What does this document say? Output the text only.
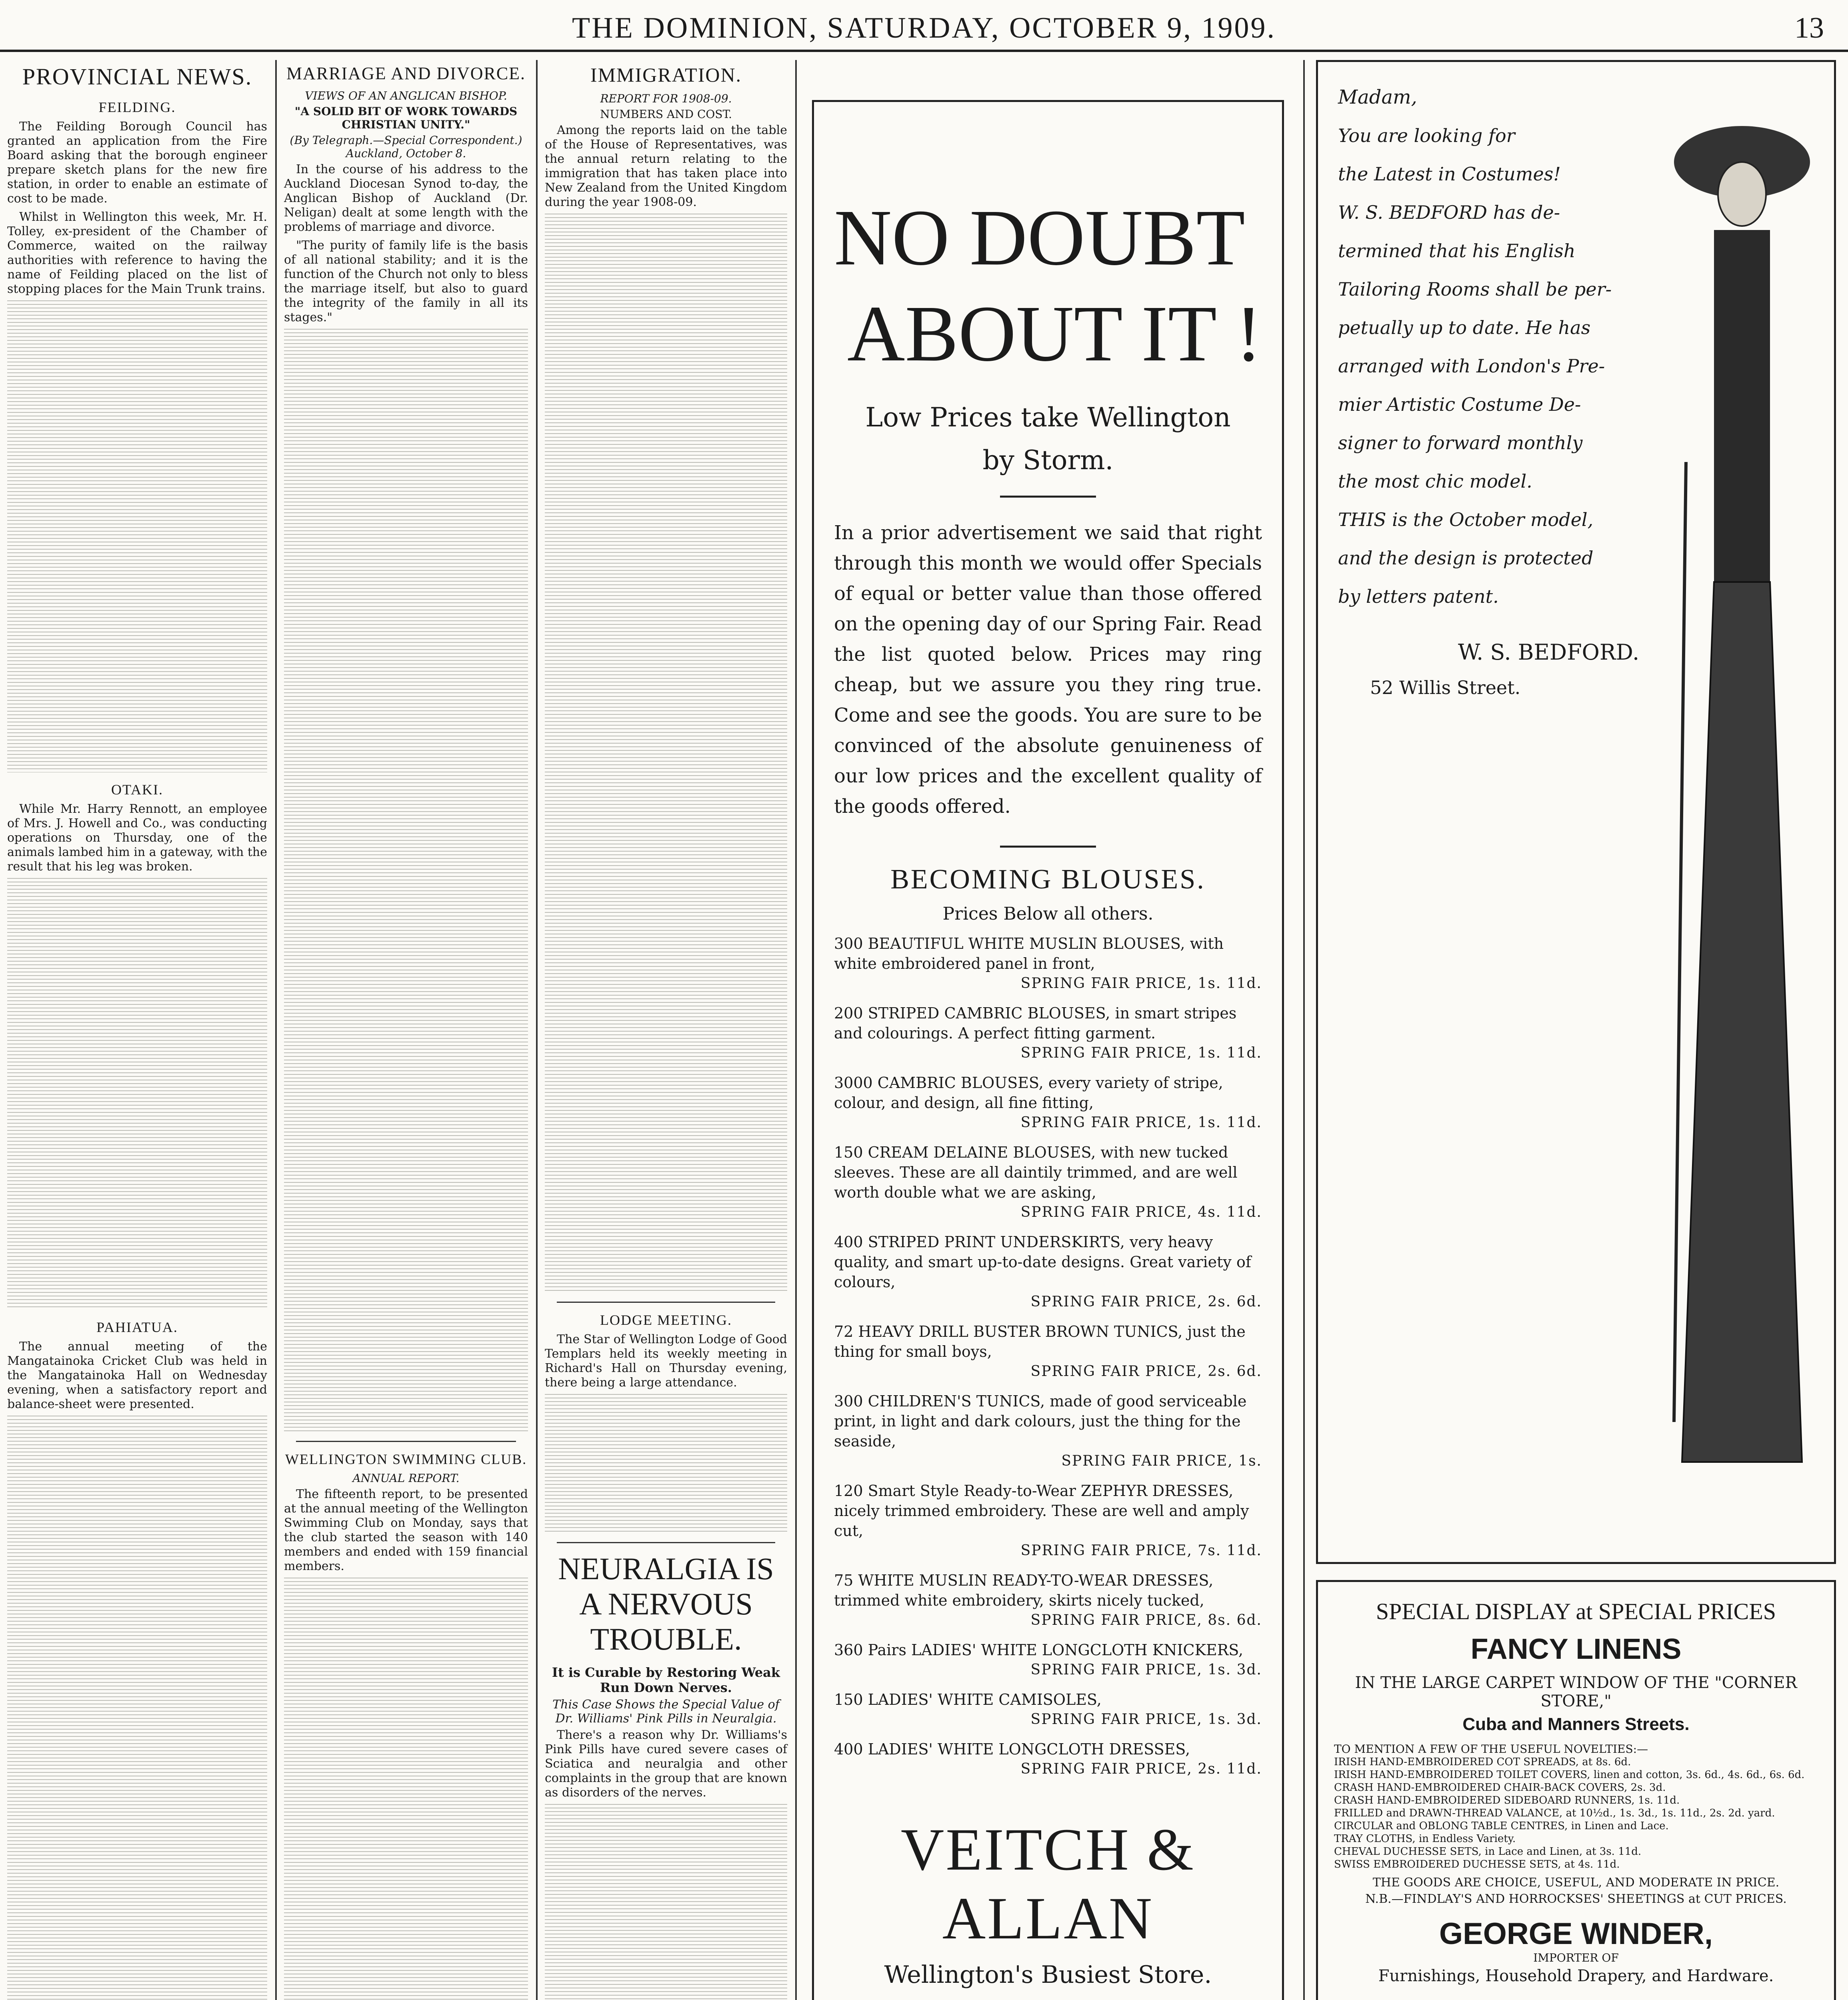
THE DOMINION, SATURDAY, OCTOBER 9, 1909.	13
PROVINCIAL NEWS.
FEILDING.

The Feilding Borough Council has granted an application from the Fire Board asking that the borough engineer prepare sketch plans for the new fire station, in order to enable an estimate of cost to be made.

Whilst in Wellington this week, Mr. H. Tolley, ex-president of the Chamber of Commerce, waited on the railway authorities with reference to having the name of Feilding placed on the list of stopping places for the Main Trunk trains.

OTAKI.

While Mr. Harry Rennott, an employee of Mrs. J. Howell and Co., was conducting operations on Thursday, one of the animals lambed him in a gateway, with the result that his leg was broken.

PAHIATUA.

The annual meeting of the Mangatainoka Cricket Club was held in the Mangatainoka Hall on Wednesday evening, when a satisfactory report and balance-sheet were presented.

MARRIAGE AND DIVORCE.
VIEWS OF AN ANGLICAN BISHOP.
"A SOLID BIT OF WORK TOWARDS CHRISTIAN UNITY."
(By Telegraph.—Special Correspondent.) Auckland, October 8.

In the course of his address to the Auckland Diocesan Synod to-day, the Anglican Bishop of Auckland (Dr. Neligan) dealt at some length with the problems of marriage and divorce.

"The purity of family life is the basis of all national stability; and it is the function of the Church not only to bless the marriage itself, but also to guard the integrity of the family in all its stages."

WELLINGTON SWIMMING CLUB.
ANNUAL REPORT.

The fifteenth report, to be presented at the annual meeting of the Wellington Swimming Club on Monday, says that the club started the season with 140 members and ended with 159 financial members.

IMMIGRATION.
REPORT FOR 1908-09.
NUMBERS AND COST.

Among the reports laid on the table of the House of Representatives, was the annual return relating to the immigration that has taken place into New Zealand from the United Kingdom during the year 1908-09.

LODGE MEETING.

The Star of Wellington Lodge of Good Templars held its weekly meeting in Richard's Hall on Thursday evening, there being a large attendance.

NEURALGIA IS A NERVOUS TROUBLE.
It is Curable by Restoring Weak Run Down Nerves.
This Case Shows the Special Value of Dr. Williams' Pink Pills in Neuralgia.

There's a reason why Dr. Williams's Pink Pills have cured severe cases of Sciatica and neuralgia and other complaints in the group that are known as disorders of the nerves.

NO DOUBT
ABOUT IT !
Low Prices take Wellington
by Storm.
In a prior advertisement we said that right through this month we would offer Specials of equal or better value than those offered on the opening day of our Spring Fair. Read the list quoted below. Prices may ring cheap, but we assure you they ring true. Come and see the goods. You are sure to be convinced of the absolute genuineness of our low prices and the excellent quality of the goods offered.
BECOMING BLOUSES.
Prices Below all others.
300 BEAUTIFUL WHITE MUSLIN BLOUSES, with white embroidered panel in front,
SPRING FAIR PRICE, 1s. 11d.
200 STRIPED CAMBRIC BLOUSES, in smart stripes and colourings. A perfect fitting garment.
SPRING FAIR PRICE, 1s. 11d.
3000 CAMBRIC BLOUSES, every variety of stripe, colour, and design, all fine fitting,
SPRING FAIR PRICE, 1s. 11d.
150 CREAM DELAINE BLOUSES, with new tucked sleeves. These are all daintily trimmed, and are well worth double what we are asking,
SPRING FAIR PRICE, 4s. 11d.
400 STRIPED PRINT UNDERSKIRTS, very heavy quality, and smart up-to-date designs. Great variety of colours,
SPRING FAIR PRICE, 2s. 6d.
72 HEAVY DRILL BUSTER BROWN TUNICS, just the thing for small boys,
SPRING FAIR PRICE, 2s. 6d.
300 CHILDREN'S TUNICS, made of good serviceable print, in light and dark colours, just the thing for the seaside,
SPRING FAIR PRICE, 1s.
120 Smart Style Ready-to-Wear ZEPHYR DRESSES, nicely trimmed embroidery. These are well and amply cut,
SPRING FAIR PRICE, 7s. 11d.
75 WHITE MUSLIN READY-TO-WEAR DRESSES, trimmed white embroidery, skirts nicely tucked,
SPRING FAIR PRICE, 8s. 6d.
360 Pairs LADIES' WHITE LONGCLOTH KNICKERS,
SPRING FAIR PRICE, 1s. 3d.
150 LADIES' WHITE CAMISOLES,
SPRING FAIR PRICE, 1s. 3d.
400 LADIES' WHITE LONGCLOTH DRESSES,
SPRING FAIR PRICE, 2s. 11d.
VEITCH & ALLAN
Wellington's Busiest Store.
Madam,
You are looking for
the Latest in Costumes!
W. S. BEDFORD has de-
termined that his English
Tailoring Rooms shall be per-
petually up to date. He has
arranged with London's Pre-
mier Artistic Costume De-
signer to forward monthly
the most chic model.
THIS is the October model,
and the design is protected
by letters patent.
W. S. BEDFORD.
52 Willis Street.
SPECIAL DISPLAY at SPECIAL PRICES
FANCY LINENS
IN THE LARGE CARPET WINDOW OF THE "CORNER STORE,"
Cuba and Manners Streets.
TO MENTION A FEW OF THE USEFUL NOVELTIES:—
IRISH HAND-EMBROIDERED COT SPREADS, at 8s. 6d.
IRISH HAND-EMBROIDERED TOILET COVERS, linen and cotton, 3s. 6d., 4s. 6d., 6s. 6d.
CRASH HAND-EMBROIDERED CHAIR-BACK COVERS, 2s. 3d.
CRASH HAND-EMBROIDERED SIDEBOARD RUNNERS, 1s. 11d.
FRILLED and DRAWN-THREAD VALANCE, at 10½d., 1s. 3d., 1s. 11d., 2s. 2d. yard.
CIRCULAR and OBLONG TABLE CENTRES, in Linen and Lace.
TRAY CLOTHS, in Endless Variety.
CHEVAL DUCHESSE SETS, in Lace and Linen, at 3s. 11d.
SWISS EMBROIDERED DUCHESSE SETS, at 4s. 11d.
THE GOODS ARE CHOICE, USEFUL, AND MODERATE IN PRICE.
N.B.—FINDLAY'S AND HORROCKSES' SHEETINGS at CUT PRICES.
GEORGE WINDER,
IMPORTER OF
Furnishings, Household Drapery, and Hardware.
